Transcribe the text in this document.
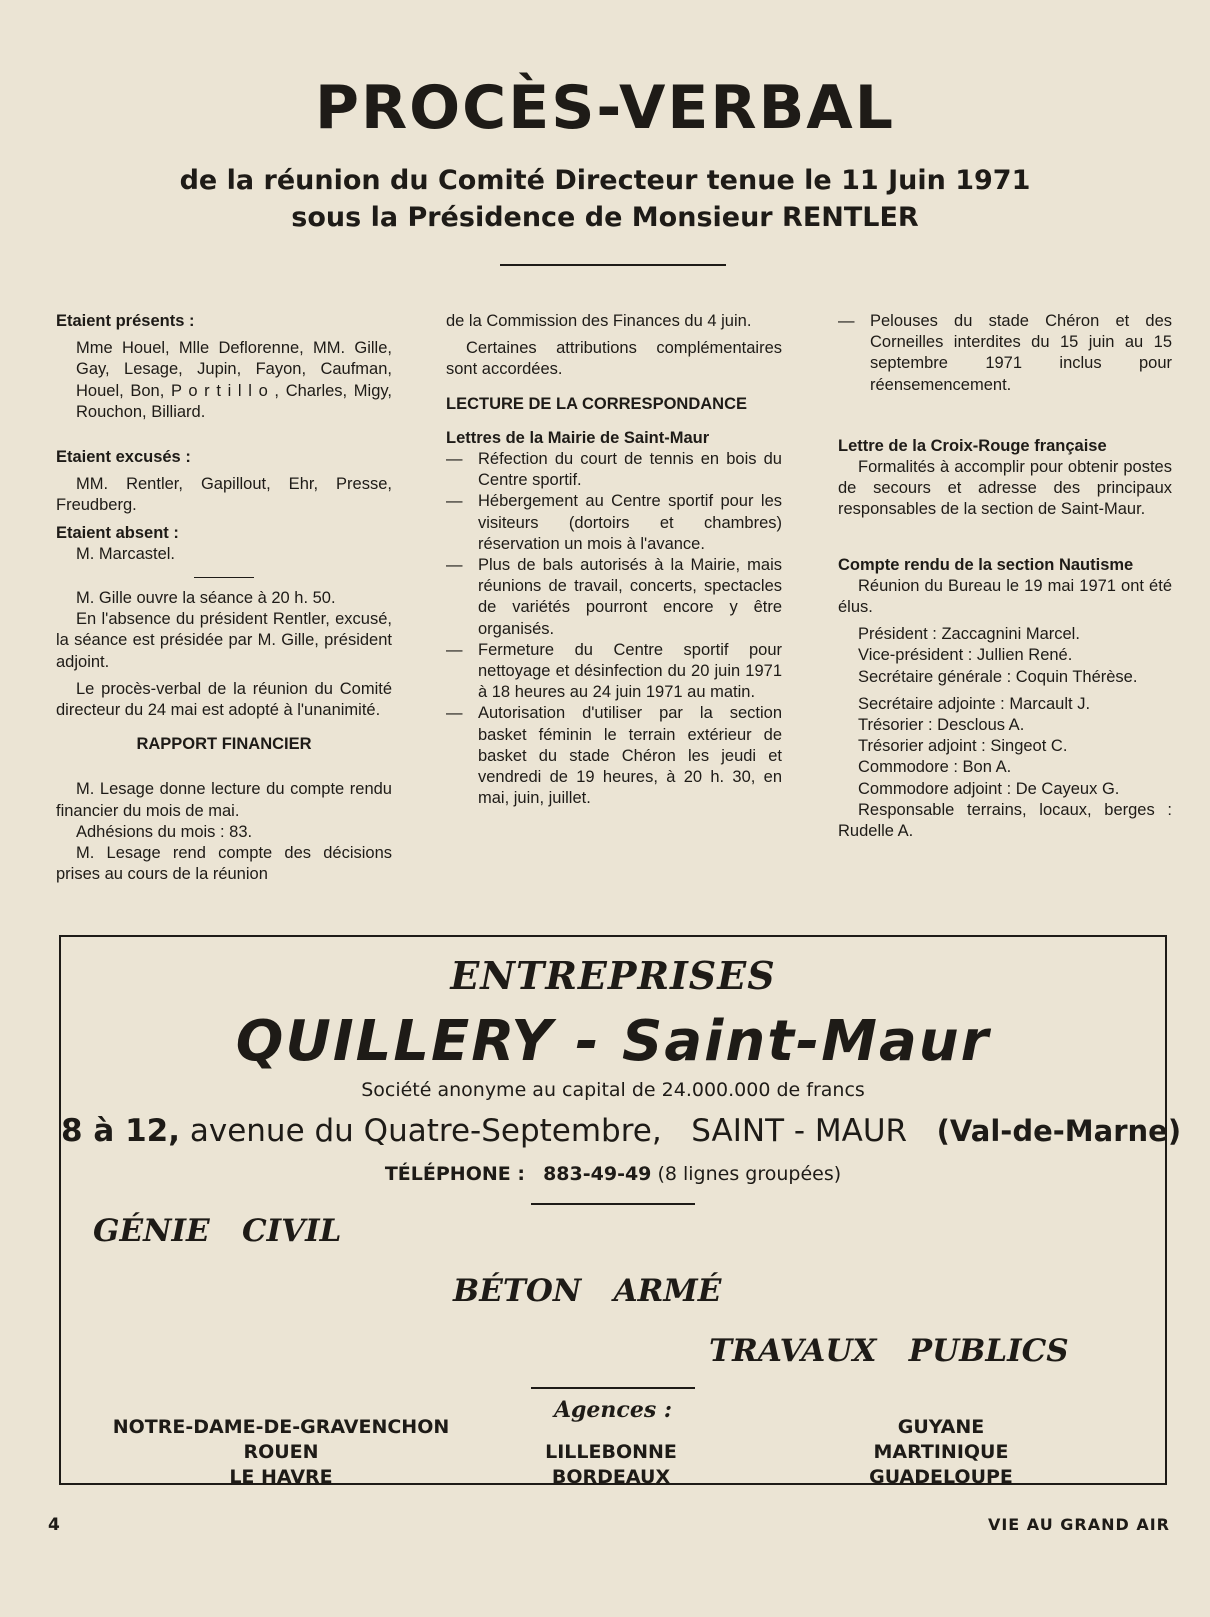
PROCÈS-VERBAL
de la réunion du Comité Directeur tenue le 11 Juin 1971
sous la Présidence de Monsieur RENTLER

Etaient présents :

Mme Houel, Mlle Deflorenne, MM. Gille, Gay, Lesage, Jupin, Fayon, Caufman, Houel, Bon, P o r t i l l o , Charles, Migy, Rouchon, Billiard.

Etaient excusés :

MM. Rentler, Gapillout, Ehr, Presse, Freudberg.

Etaient absent :

M. Marcastel.

M. Gille ouvre la séance à 20 h. 50.

En l'absence du président Rentler, excusé, la séance est présidée par M. Gille, président adjoint.

Le procès-verbal de la réunion du Comité directeur du 24 mai est adopté à l'unanimité.

RAPPORT FINANCIER

M. Lesage donne lecture du compte rendu financier du mois de mai.

Adhésions du mois : 83.

M. Lesage rend compte des décisions prises au cours de la réunion

de la Commission des Finances du 4 juin.

Certaines attributions complémentaires sont accordées.

LECTURE DE LA CORRESPONDANCE

Lettres de la Mairie de Saint-Maur

— Réfection du court de tennis en bois du Centre sportif.
— Hébergement au Centre sportif pour les visiteurs (dortoirs et chambres) réservation un mois à l'avance.
— Plus de bals autorisés à la Mairie, mais réunions de travail, concerts, spectacles de variétés pourront encore y être organisés.
— Fermeture du Centre sportif pour nettoyage et désinfection du 20 juin 1971 à 18 heures au 24 juin 1971 au matin.
— Autorisation d'utiliser par la section basket féminin le terrain extérieur de basket du stade Chéron les jeudi et vendredi de 19 heures, à 20 h. 30, en mai, juin, juillet.
— Pelouses du stade Chéron et des Corneilles interdites du 15 juin au 15 septembre 1971 inclus pour réensemencement.

Lettre de la Croix-Rouge française

Formalités à accomplir pour obtenir postes de secours et adresse des principaux responsables de la section de Saint-Maur.

Compte rendu de la section Nautisme

Réunion du Bureau le 19 mai 1971 ont été élus.

Président : Zaccagnini Marcel.

Vice-président : Jullien René.

Secrétaire générale : Coquin Thérèse.

Secrétaire adjointe : Marcault J.

Trésorier : Desclous A.

Trésorier adjoint : Singeot C.

Commodore : Bon A.

Commodore adjoint : De Cayeux G.

Responsable terrains, locaux, berges : Rudelle A.

ENTREPRISES
QUILLERY - Saint-Maur
Société anonyme au capital de 24.000.000 de francs
8 à 12, avenue du Quatre-Septembre, SAINT - MAUR (Val-de-Marne)
TÉLÉPHONE : 883-49-49 (8 lignes groupées)
GÉNIE   CIVIL
BÉTON   ARMÉ
TRAVAUX   PUBLICS
Agences :
NOTRE-DAME-DE-GRAVENCHON
ROUEN
LE HAVRE
LILLEBONNE
BORDEAUX
GUYANE
MARTINIQUE
GUADELOUPE
4	VIE AU GRAND AIR
